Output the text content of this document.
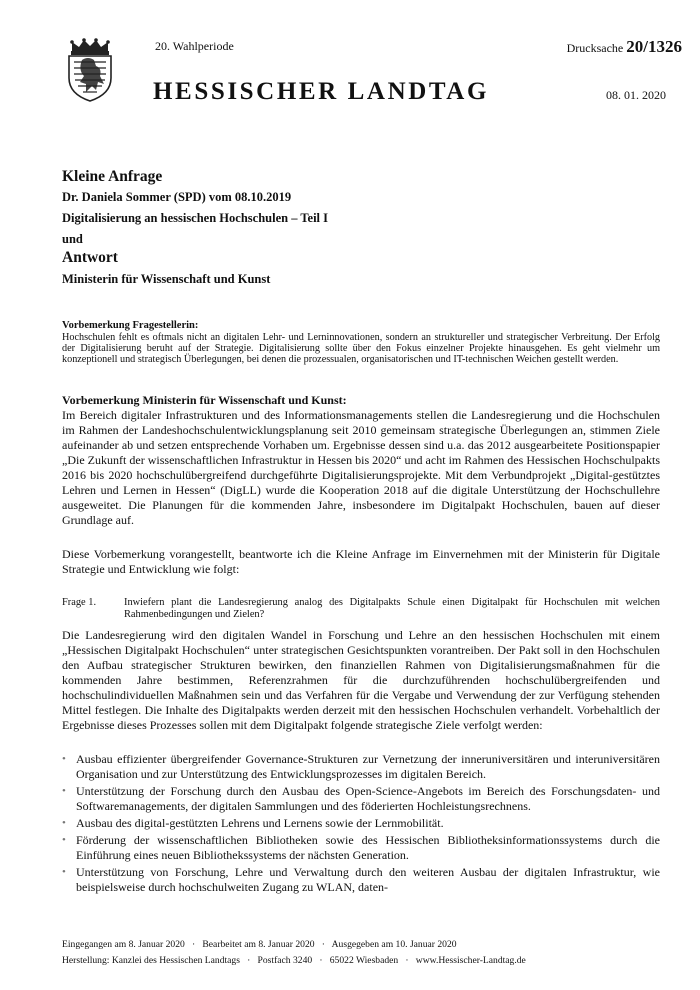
20. Wahlperiode
HESSISCHER LANDTAG
Drucksache 20/1326
08. 01. 2020
Kleine Anfrage
Dr. Daniela Sommer (SPD) vom 08.10.2019
Digitalisierung an hessischen Hochschulen – Teil I
und
Antwort
Ministerin für Wissenschaft und Kunst
Vorbemerkung Fragestellerin:
Hochschulen fehlt es oftmals nicht an digitalen Lehr- und Lerninnovationen, sondern an struktureller und strategischer Verbreitung. Der Erfolg der Digitalisierung beruht auf der Strategie. Digitalisierung sollte über den Fokus einzelner Projekte hinausgehen. Es geht vielmehr um konzeptionell und strategisch Überlegungen, bei denen die prozessualen, organisatorischen und IT-technischen Weichen gestellt werden.
Vorbemerkung Ministerin für Wissenschaft und Kunst:
Im Bereich digitaler Infrastrukturen und des Informationsmanagements stellen die Landesregierung und die Hochschulen im Rahmen der Landeshochschulentwicklungsplanung seit 2010 gemeinsam strategische Überlegungen an, stimmen Ziele aufeinander ab und setzen entsprechende Vorhaben um. Ergebnisse dessen sind u.a. das 2012 ausgearbeitete Positionspapier „Die Zukunft der wissenschaftlichen Infrastruktur in Hessen bis 2020“ und acht im Rahmen des Hessischen Hochschulpakts 2016 bis 2020 hochschulübergreifend durchgeführte Digitalisierungsprojekte. Mit dem Verbundprojekt „Digital-gestütztes Lehren und Lernen in Hessen“ (DigLL) wurde die Kooperation 2018 auf die digitale Unterstützung der Hochschullehre ausgeweitet. Die Planungen für die kommenden Jahre, insbesondere im Digitalpakt Hochschulen, bauen auf dieser Grundlage auf.
Diese Vorbemerkung vorangestellt, beantworte ich die Kleine Anfrage im Einvernehmen mit der Ministerin für Digitale Strategie und Entwicklung wie folgt:
Frage 1.	Inwiefern plant die Landesregierung analog des Digitalpakts Schule einen Digitalpakt für Hochschulen mit welchen Rahmenbedingungen und Zielen?
Die Landesregierung wird den digitalen Wandel in Forschung und Lehre an den hessischen Hochschulen mit einem „Hessischen Digitalpakt Hochschulen“ unter strategischen Gesichtspunkten vorantreiben. Der Pakt soll in den Hochschulen den Aufbau strategischer Strukturen bewirken, den finanziellen Rahmen von Digitalisierungsmaßnahmen für die kommenden Jahre bestimmen, Referenzrahmen für die durchzuführenden hochschulübergreifenden und hochschulindividuellen Maßnahmen sein und das Verfahren für die Vergabe und Verwendung der zur Verfügung stehenden Mittel festlegen. Die Inhalte des Digitalpakts werden derzeit mit den hessischen Hochschulen verhandelt. Vorbehaltlich der Ergebnisse dieses Prozesses sollen mit dem Digitalpakt folgende strategische Ziele verfolgt werden:
• Ausbau effizienter übergreifender Governance-Strukturen zur Vernetzung der inneruniversitären und interuniversitären Organisation und zur Unterstützung des Entwicklungsprozesses im digitalen Bereich.
• Unterstützung der Forschung durch den Ausbau des Open-Science-Angebots im Bereich des Forschungsdaten- und Softwaremanagements, der digitalen Sammlungen und des föderierten Hochleistungsrechnens.
• Ausbau des digital-gestützten Lehrens und Lernens sowie der Lernmobilität.
• Förderung der wissenschaftlichen Bibliotheken sowie des Hessischen Bibliotheksinformationssystems durch die Einführung eines neuen Bibliothekssystems der nächsten Generation.
• Unterstützung von Forschung, Lehre und Verwaltung durch den weiteren Ausbau der digitalen Infrastruktur, wie beispielsweise durch hochschulweiten Zugang zu WLAN, daten-
Eingegangen am 8. Januar 2020   ·   Bearbeitet am 8. Januar 2020   ·   Ausgegeben am 10. Januar 2020
Herstellung: Kanzlei des Hessischen Landtags   ·   Postfach 3240   ·   65022 Wiesbaden   ·   www.Hessischer-Landtag.de
